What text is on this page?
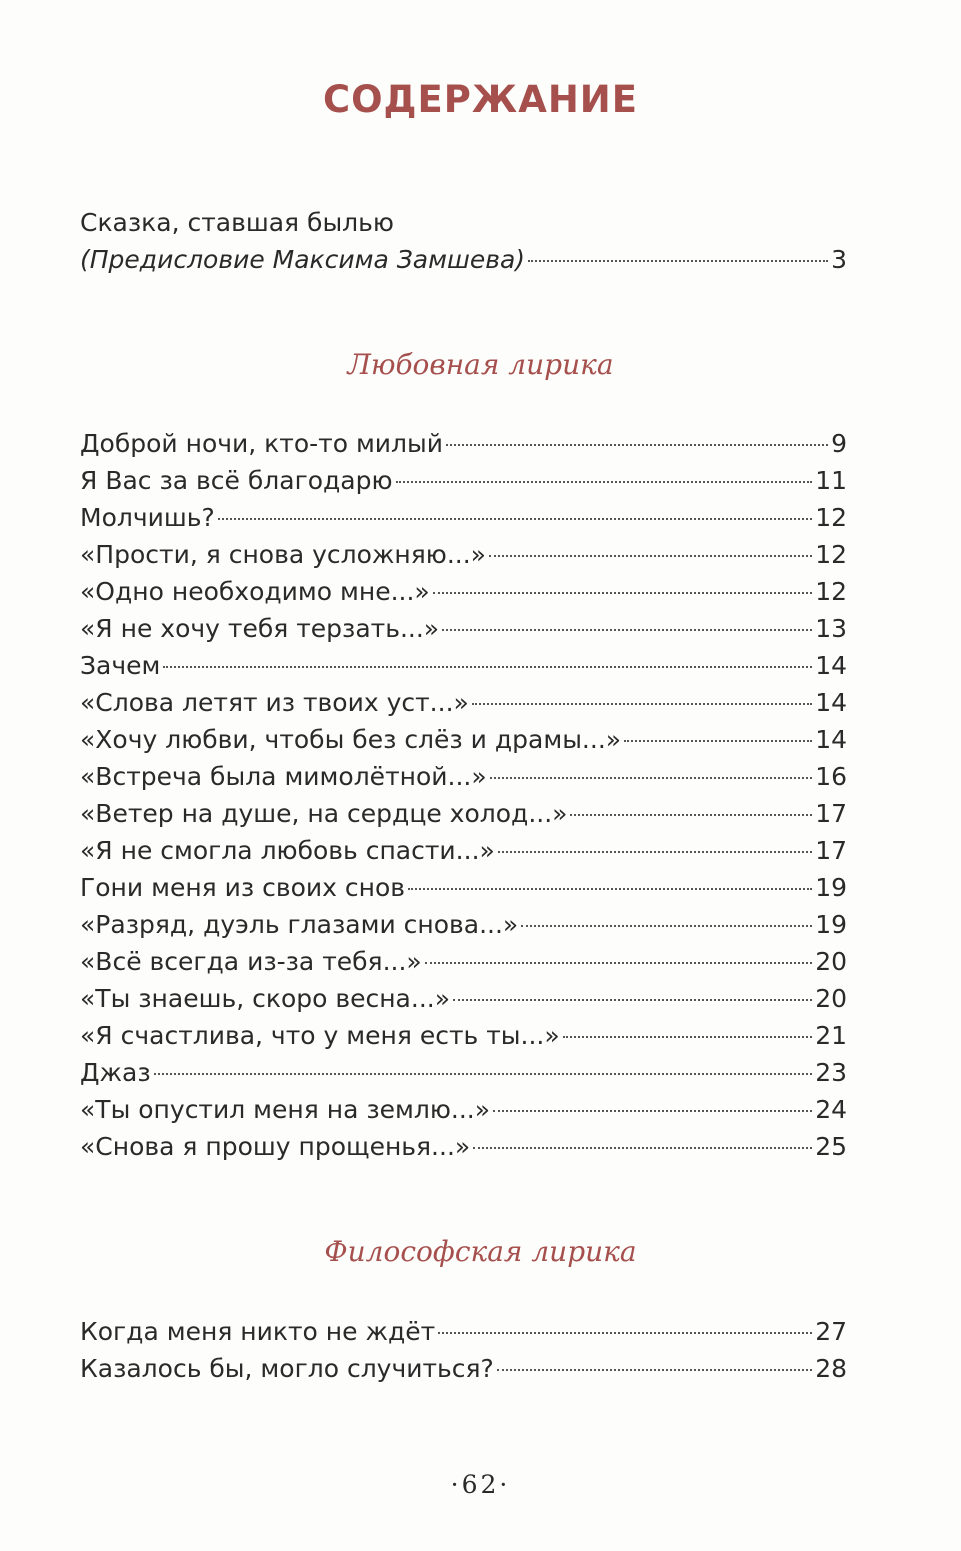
СОДЕРЖАНИЕ
Сказка, ставшая былью
(Предисловие Максима Замшева)	3
Любовная лирика
Доброй ночи, кто-то милый	9
Я Вас за всё благодарю	11
Молчишь?	12
«Прости, я снова усложняю...»	12
«Одно необходимо мне...»	12
«Я не хочу тебя терзать...»	13
Зачем	14
«Слова летят из твоих уст...»	14
«Хочу любви, чтобы без слёз и драмы...»	14
«Встреча была мимолётной...»	16
«Ветер на душе, на сердце холод...»	17
«Я не смогла любовь спасти...»	17
Гони меня из своих снов	19
«Разряд, дуэль глазами снова...»	19
«Всё всегда из-за тебя...»	20
«Ты знаешь, скоро весна...»	20
«Я счастлива, что у меня есть ты...»	21
Джаз	23
«Ты опустил меня на землю...»	24
«Снова я прошу прощенья...»	25
Философская лирика
Когда меня никто не ждёт	27
Казалось бы, могло случиться?	28
·62·
